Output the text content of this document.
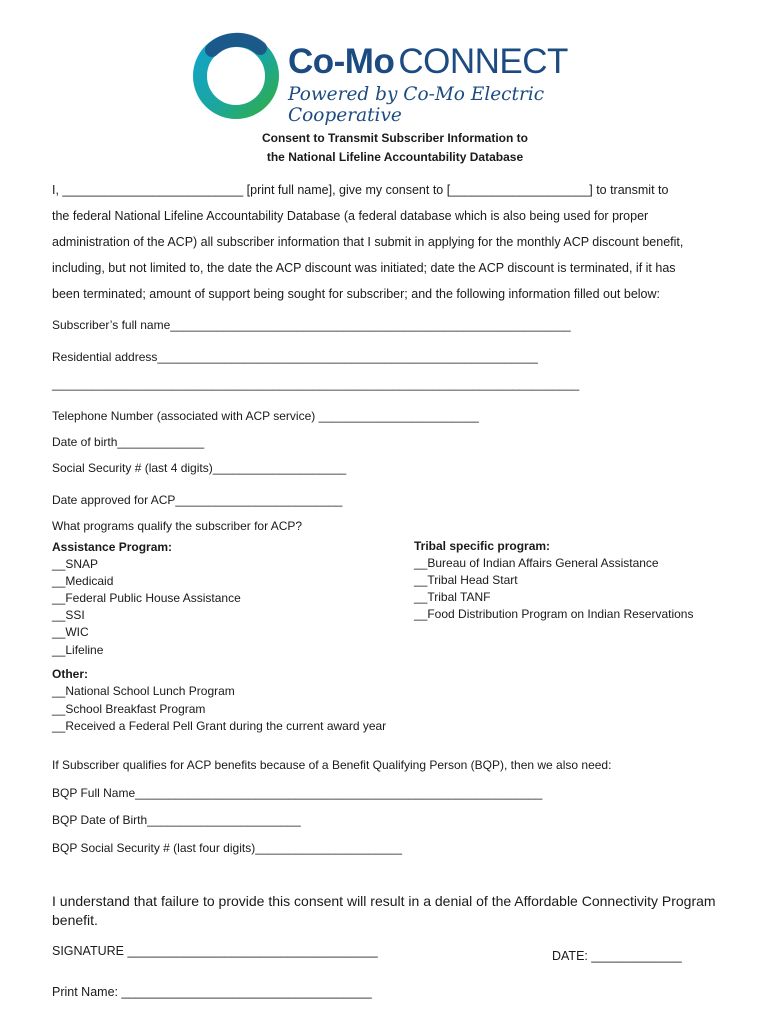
Co-Mo CONNECT
Powered by Co-Mo Electric Cooperative
Consent to Transmit Subscriber Information to
the National Lifeline Accountability Database

I, __________________________ [print full name], give my consent to [____________________] to transmit to

the federal National Lifeline Accountability Database (a federal database which is also being used for proper

administration of the ACP) all subscriber information that I submit in applying for the monthly ACP discount benefit,

including, but not limited to, the date the ACP discount was initiated; date the ACP discount is terminated, if it has

been terminated; amount of support being sought for subscriber; and the following information filled out below:

Subscriber’s full name____________________________________________________________
Residential address_________________________________________________________
_______________________________________________________________________________
Telephone Number (associated with ACP service) ________________________
Date of birth_____________
Social Security # (last 4 digits)____________________
Date approved for ACP_________________________
What programs qualify the subscriber for ACP?
Assistance Program:
__SNAP
__Medicaid
__Federal Public House Assistance
__SSI
__WIC
__Lifeline
Tribal specific program:
__Bureau of Indian Affairs General Assistance
__Tribal Head Start
__Tribal TANF
__Food Distribution Program on Indian Reservations
Other:
__National School Lunch Program
__School Breakfast Program
__Received a Federal Pell Grant during the current award year
If Subscriber qualifies for ACP benefits because of a Benefit Qualifying Person (BQP), then we also need:
BQP Full Name_____________________________________________________________
BQP Date of Birth_______________________
BQP Social Security # (last four digits)______________________
I understand that failure to provide this consent will result in a denial of the Affordable Connectivity Program
benefit.
SIGNATURE ____________________________________	DATE: _____________
Print Name: ____________________________________
